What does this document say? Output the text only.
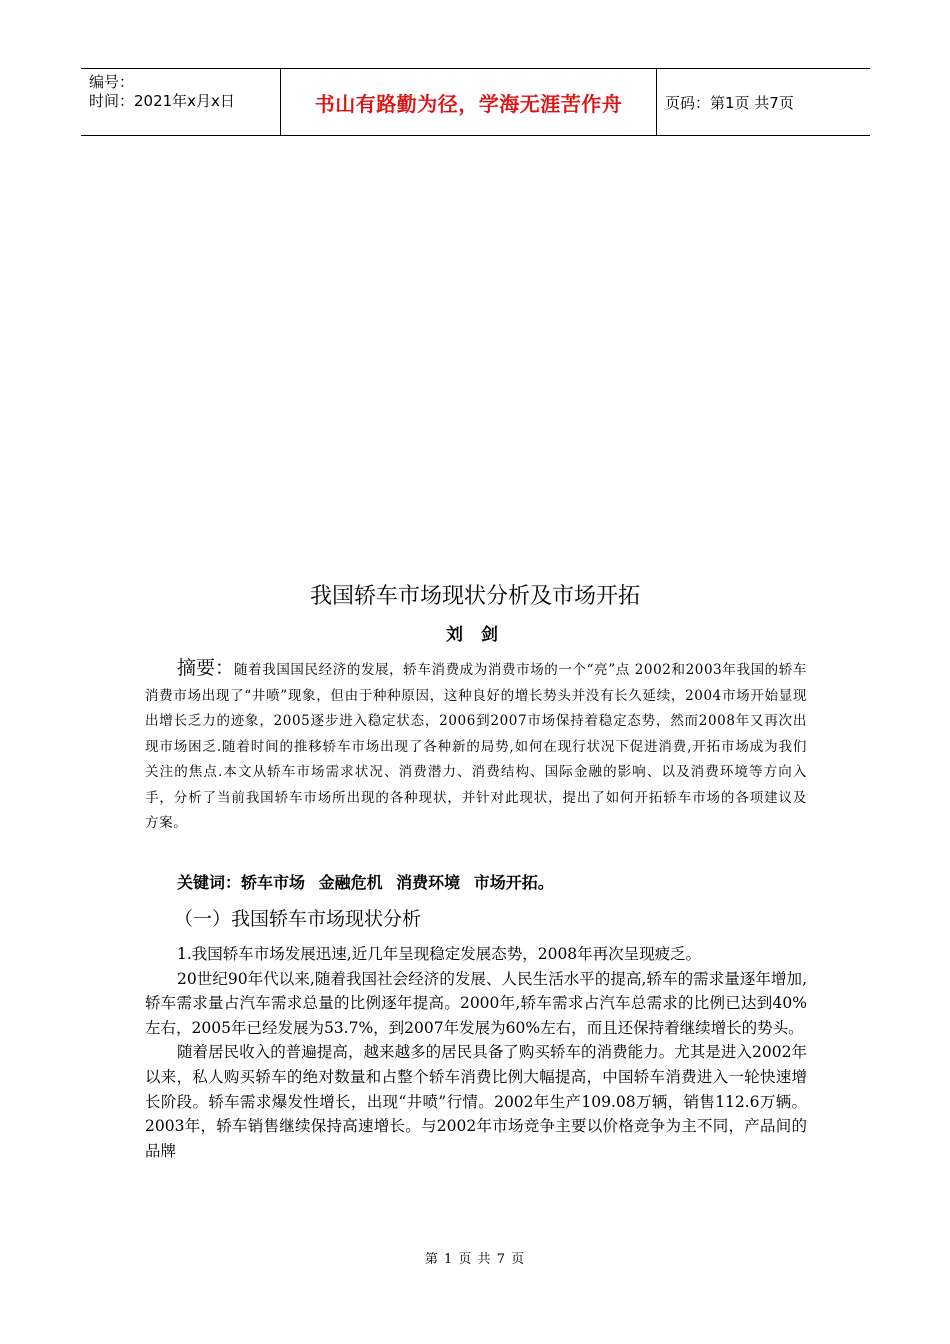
编号：
时间：2021年x月x日	书山有路勤为径，学海无涯苦作舟	页码：第1页 共7页
我国轿车市场现状分析及市场开拓
刘 剑
摘要：随着我国国民经济的发展，轿车消费成为消费市场的一个“亮”点 2002和2003年我国的轿车消费市场出现了“井喷”现象，但由于种种原因，这种良好的增长势头并没有长久延续，2004市场开始显现出增长乏力的迹象，2005逐步进入稳定状态，2006到2007市场保持着稳定态势，然而2008年又再次出现市场困乏.随着时间的推移轿车市场出现了各种新的局势,如何在现行状况下促进消费,开拓市场成为我们关注的焦点.本文从轿车市场需求状况、消费潜力、消费结构、国际金融的影响、以及消费环境等方向入手，分析了当前我国轿车市场所出现的各种现状，并针对此现状，提出了如何开拓轿车市场的各项建议及方案。
关键词：轿车市场 金融危机 消费环境 市场开拓。
（一）我国轿车市场现状分析

1.我国轿车市场发展迅速,近几年呈现稳定发展态势，2008年再次呈现疲乏。

20世纪90年代以来,随着我国社会经济的发展、人民生活水平的提高,轿车的需求量逐年增加,轿车需求量占汽车需求总量的比例逐年提高。2000年,轿车需求占汽车总需求的比例已达到40%左右，2005年已经发展为53.7%，到2007年发展为60%左右，而且还保持着继续增长的势头。

随着居民收入的普遍提高，越来越多的居民具备了购买轿车的消费能力。尤其是进入2002年以来，私人购买轿车的绝对数量和占整个轿车消费比例大幅提高，中国轿车消费进入一轮快速增长阶段。轿车需求爆发性增长，出现“井喷”行情。2002年生产109.08万辆，销售112.6万辆。2003年，轿车销售继续保持高速增长。与2002年市场竞争主要以价格竞争为主不同，产品间的品牌

第 1 页 共 7 页
